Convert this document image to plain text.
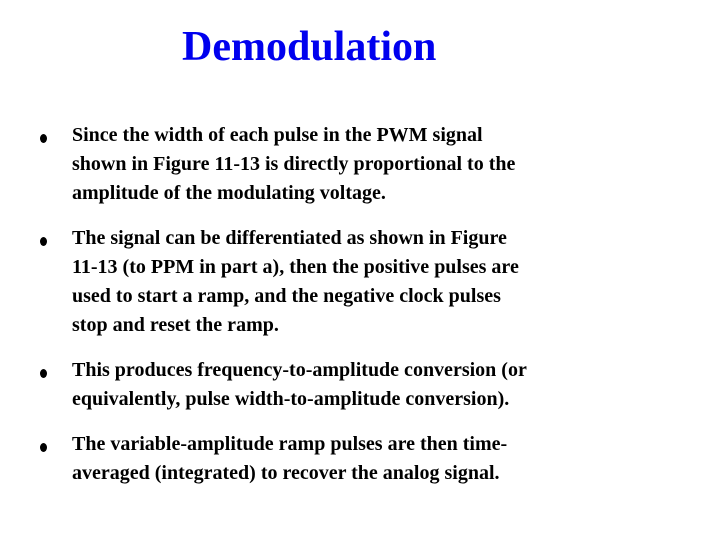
Demodulation
Since the width of each pulse in the PWM signal
shown in Figure 11-13 is directly proportional to the
amplitude of the modulating voltage.
The signal can be differentiated as shown in Figure
11-13 (to PPM in part a), then the positive pulses are
used to start a ramp, and the negative clock pulses
stop and reset the ramp.
This produces frequency-to-amplitude conversion (or
equivalently, pulse width-to-amplitude conversion).
The variable-amplitude ramp pulses are then time-
averaged (integrated) to recover the analog signal.
